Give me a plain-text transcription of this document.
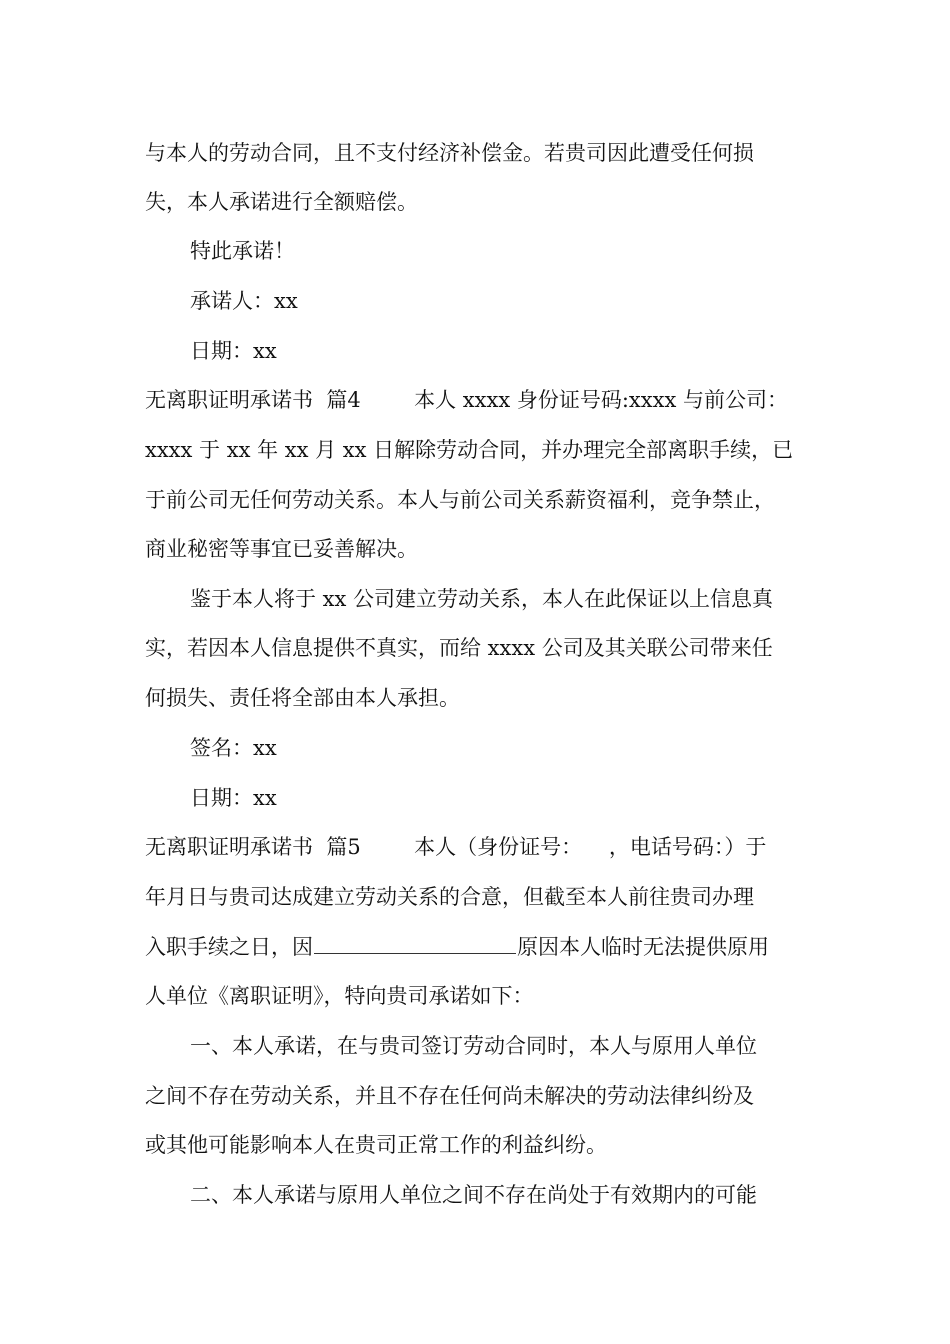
与本人的劳动合同，且不支付经济补偿金。若贵司因此遭受任何损
失，本人承诺进行全额赔偿。
特此承诺！
承诺人：xx
日期：xx
无离职证明承诺书  篇4        本人 xxxx 身份证号码:xxxx 与前公司：
xxxx 于 xx 年 xx 月 xx 日解除劳动合同，并办理完全部离职手续，已
于前公司无任何劳动关系。本人与前公司关系薪资福利，竞争禁止，
商业秘密等事宜已妥善解决。
鉴于本人将于 xx 公司建立劳动关系，本人在此保证以上信息真
实，若因本人信息提供不真实，而给 xxxx 公司及其关联公司带来任
何损失、责任将全部由本人承担。
签名：xx
日期：xx
无离职证明承诺书  篇5        本人（身份证号：    ，电话号码：）于
年月日与贵司达成建立劳动关系的合意，但截至本人前往贵司办理
入职手续之日，因	原因本人临时无法提供原用
人单位《离职证明》，特向贵司承诺如下：
一、本人承诺，在与贵司签订劳动合同时，本人与原用人单位
之间不存在劳动关系，并且不存在任何尚未解决的劳动法律纠纷及
或其他可能影响本人在贵司正常工作的利益纠纷。
二、本人承诺与原用人单位之间不存在尚处于有效期内的可能
